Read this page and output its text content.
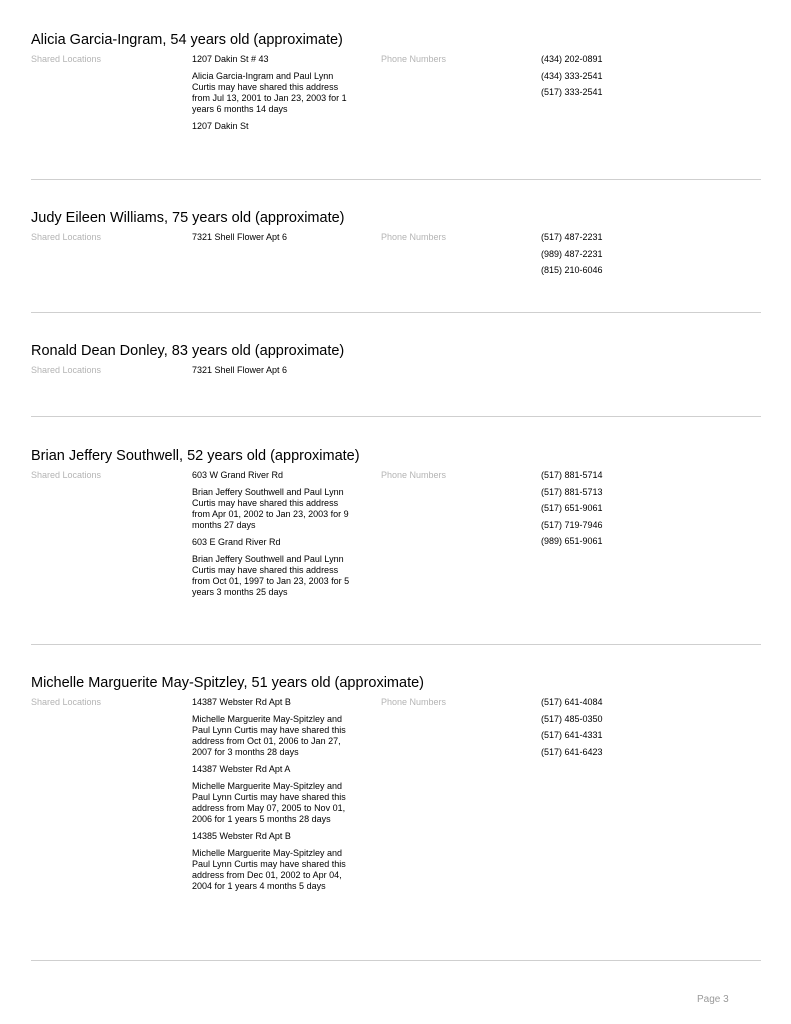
Alicia Garcia-Ingram, 54 years old (approximate)
Shared Locations	1207 Dakin St # 43
Alicia Garcia-Ingram and Paul Lynn Curtis may have shared this address from Jul 13, 2001 to Jan 23, 2003 for 1 years 6 months 14 days
1207 Dakin St
Phone Numbers	(434) 202-0891
(434) 333-2541
(517) 333-2541
Judy Eileen Williams, 75 years old (approximate)
Shared Locations	7321 Shell Flower Apt 6	Phone Numbers	(517) 487-2231
(989) 487-2231
(815) 210-6046
Ronald Dean Donley, 83 years old (approximate)
Shared Locations	7321 Shell Flower Apt 6
Brian Jeffery Southwell, 52 years old (approximate)
Shared Locations	603 W Grand River Rd
Brian Jeffery Southwell and Paul Lynn Curtis may have shared this address from Apr 01, 2002 to Jan 23, 2003 for 9 months 27 days
603 E Grand River Rd
Brian Jeffery Southwell and Paul Lynn Curtis may have shared this address from Oct 01, 1997 to Jan 23, 2003 for 5 years 3 months 25 days
Phone Numbers	(517) 881-5714
(517) 881-5713
(517) 651-9061
(517) 719-7946
(989) 651-9061
Michelle Marguerite May-Spitzley, 51 years old (approximate)
Shared Locations	14387 Webster Rd Apt B
Michelle Marguerite May-Spitzley and Paul Lynn Curtis may have shared this address from Oct 01, 2006 to Jan 27, 2007 for 3 months 28 days
14387 Webster Rd Apt A
Michelle Marguerite May-Spitzley and Paul Lynn Curtis may have shared this address from May 07, 2005 to Nov 01, 2006 for 1 years 5 months 28 days
14385 Webster Rd Apt B
Michelle Marguerite May-Spitzley and Paul Lynn Curtis may have shared this address from Dec 01, 2002 to Apr 04, 2004 for 1 years 4 months 5 days
Phone Numbers	(517) 641-4084
(517) 485-0350
(517) 641-4331
(517) 641-6423
Page 3
